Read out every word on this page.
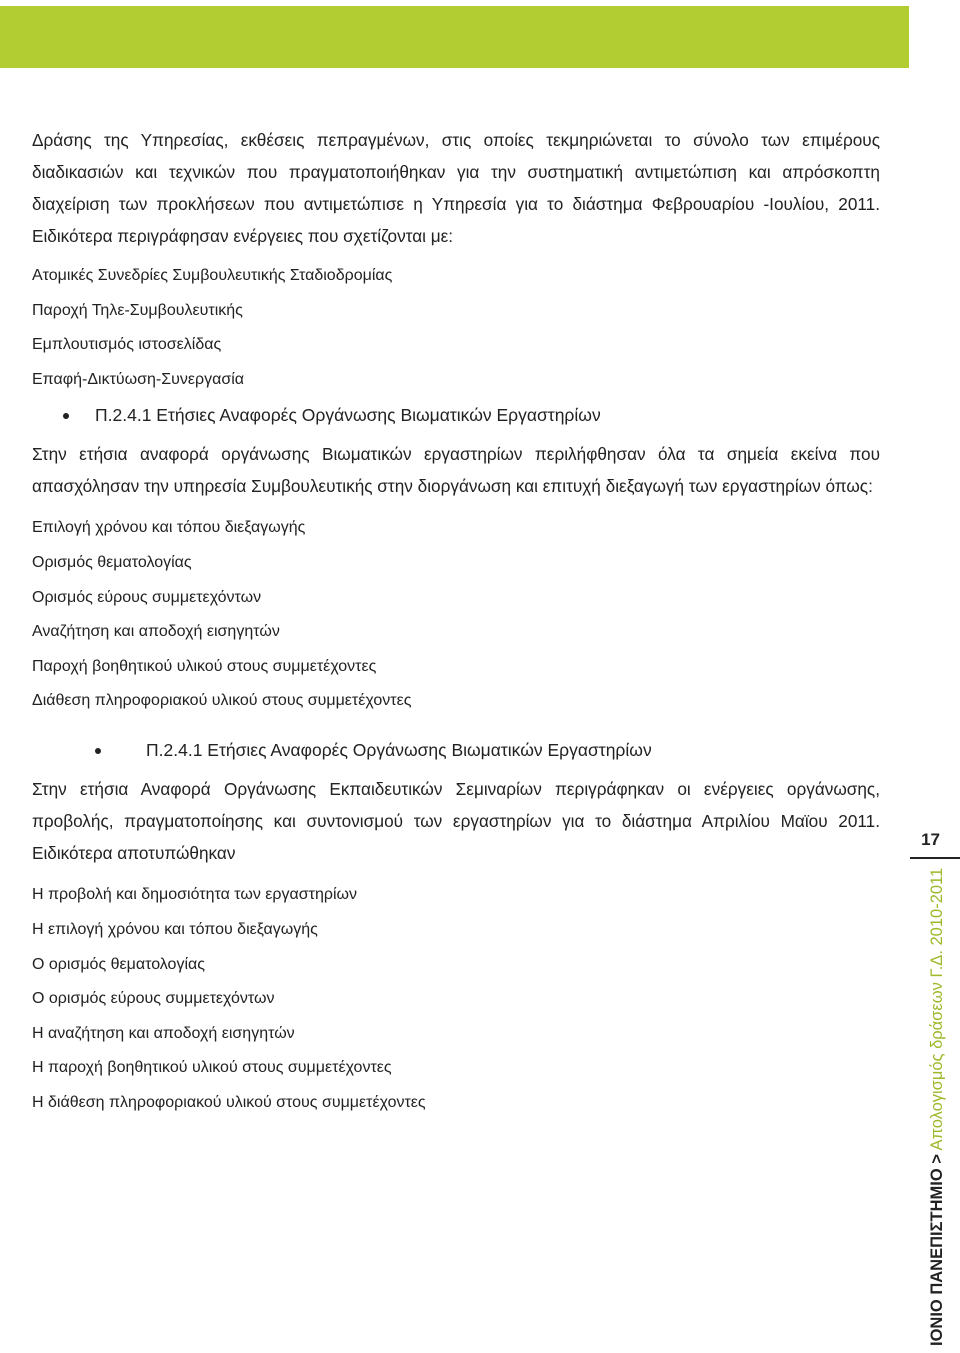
Δράσης της Υπηρεσίας, εκθέσεις πεπραγμένων, στις οποίες τεκμηριώνεται το σύνολο των επιμέρους διαδικασιών και τεχνικών που πραγματοποιήθηκαν για την συστηματική αντιμετώπιση και απρόσκοπτη διαχείριση των προκλήσεων που αντιμετώπισε η Υπηρεσία για το διάστημα Φεβρουαρίου -Ιουλίου, 2011. Ειδικότερα περιγράφησαν ενέργειες που σχετίζονται με:

Ατομικές Συνεδρίες Συμβουλευτικής Σταδιοδρομίας
Παροχή Τηλε-Συμβουλευτικής
Εμπλουτισμός ιστοσελίδας
Επαφή-Δικτύωση-Συνεργασία
Π.2.4.1 Ετήσιες Αναφορές Οργάνωσης Βιωματικών Εργαστηρίων

Στην ετήσια αναφορά οργάνωσης Βιωματικών εργαστηρίων περιλήφθησαν όλα τα σημεία εκείνα που απασχόλησαν την υπηρεσία Συμβουλευτικής στην διοργάνωση και επιτυχή διεξαγωγή των εργαστηρίων όπως:

Επιλογή χρόνου και τόπου διεξαγωγής
Ορισμός θεματολογίας
Ορισμός εύρους συμμετεχόντων
Αναζήτηση και αποδοχή εισηγητών
Παροχή βοηθητικού υλικού στους συμμετέχοντες
Διάθεση πληροφοριακού υλικού στους συμμετέχοντες
Π.2.4.1 Ετήσιες Αναφορές Οργάνωσης Βιωματικών Εργαστηρίων

Στην ετήσια Αναφορά Οργάνωσης Εκπαιδευτικών Σεμιναρίων περιγράφηκαν οι ενέργειες οργάνωσης, προβολής, πραγματοποίησης και συντονισμού των εργαστηρίων για το διάστημα Απριλίου Μαϊου 2011. Ειδικότερα αποτυπώθηκαν

Η προβολή και δημοσιότητα των εργαστηρίων
Η επιλογή χρόνου και τόπου διεξαγωγής
Ο ορισμός θεματολογίας
Ο ορισμός εύρους συμμετεχόντων
Η αναζήτηση και αποδοχή εισηγητών
Η παροχή βοηθητικού υλικού στους συμμετέχοντες
Η διάθεση πληροφοριακού υλικού στους συμμετέχοντες
17
ΙΟΝΙΟ ΠΑΝΕΠΙΣΤΗΜΙΟ > Απολογισμός δράσεων Γ.Δ. 2010-2011
